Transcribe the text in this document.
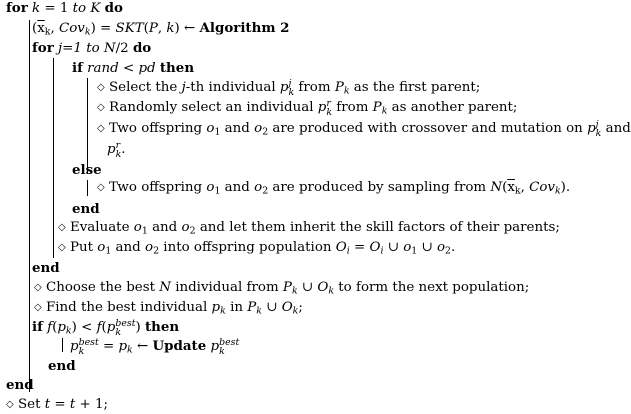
for k = 1 to K do
($\overline{x}_k$, Cov$_k$) = SKT(P, k) ← Algorithm 2
for j=1 to N/2 do
if rand < pd then
◇ Select the j-th individual p j
k from $P_k$ as the first parent;
◇ Randomly select an individual p r
k from $P_k$ as another parent;
◇ Two offspring $o_1$ and $o_2$ are produced with crossover and mutation on p j
k and
p r
k .
else
◇ Two offspring $o_1$ and $o_2$ are produced by sampling from $N(\overline{x}_k$, Cov$_k$).
end
◇ Evaluate $o_1$ and $o_2$ and let them inherit the skill factors of their parents;
◇ Put $o_1$ and $o_2$ into offspring population $O_i = O_i$ ∪ $o_1$ ∪ $o_2$.
end
◇ Choose the best N individual from $P_k$ ∪ $O_k$ to form the next population;
◇ Find the best individual $p_k$ in $P_k$ ∪ $O_k$;
if $f(p_k) < f(p$ best
k	) then
p best
k	= $p_k$ ← Update p best
k
end
end
◇ Set t = t + 1;
